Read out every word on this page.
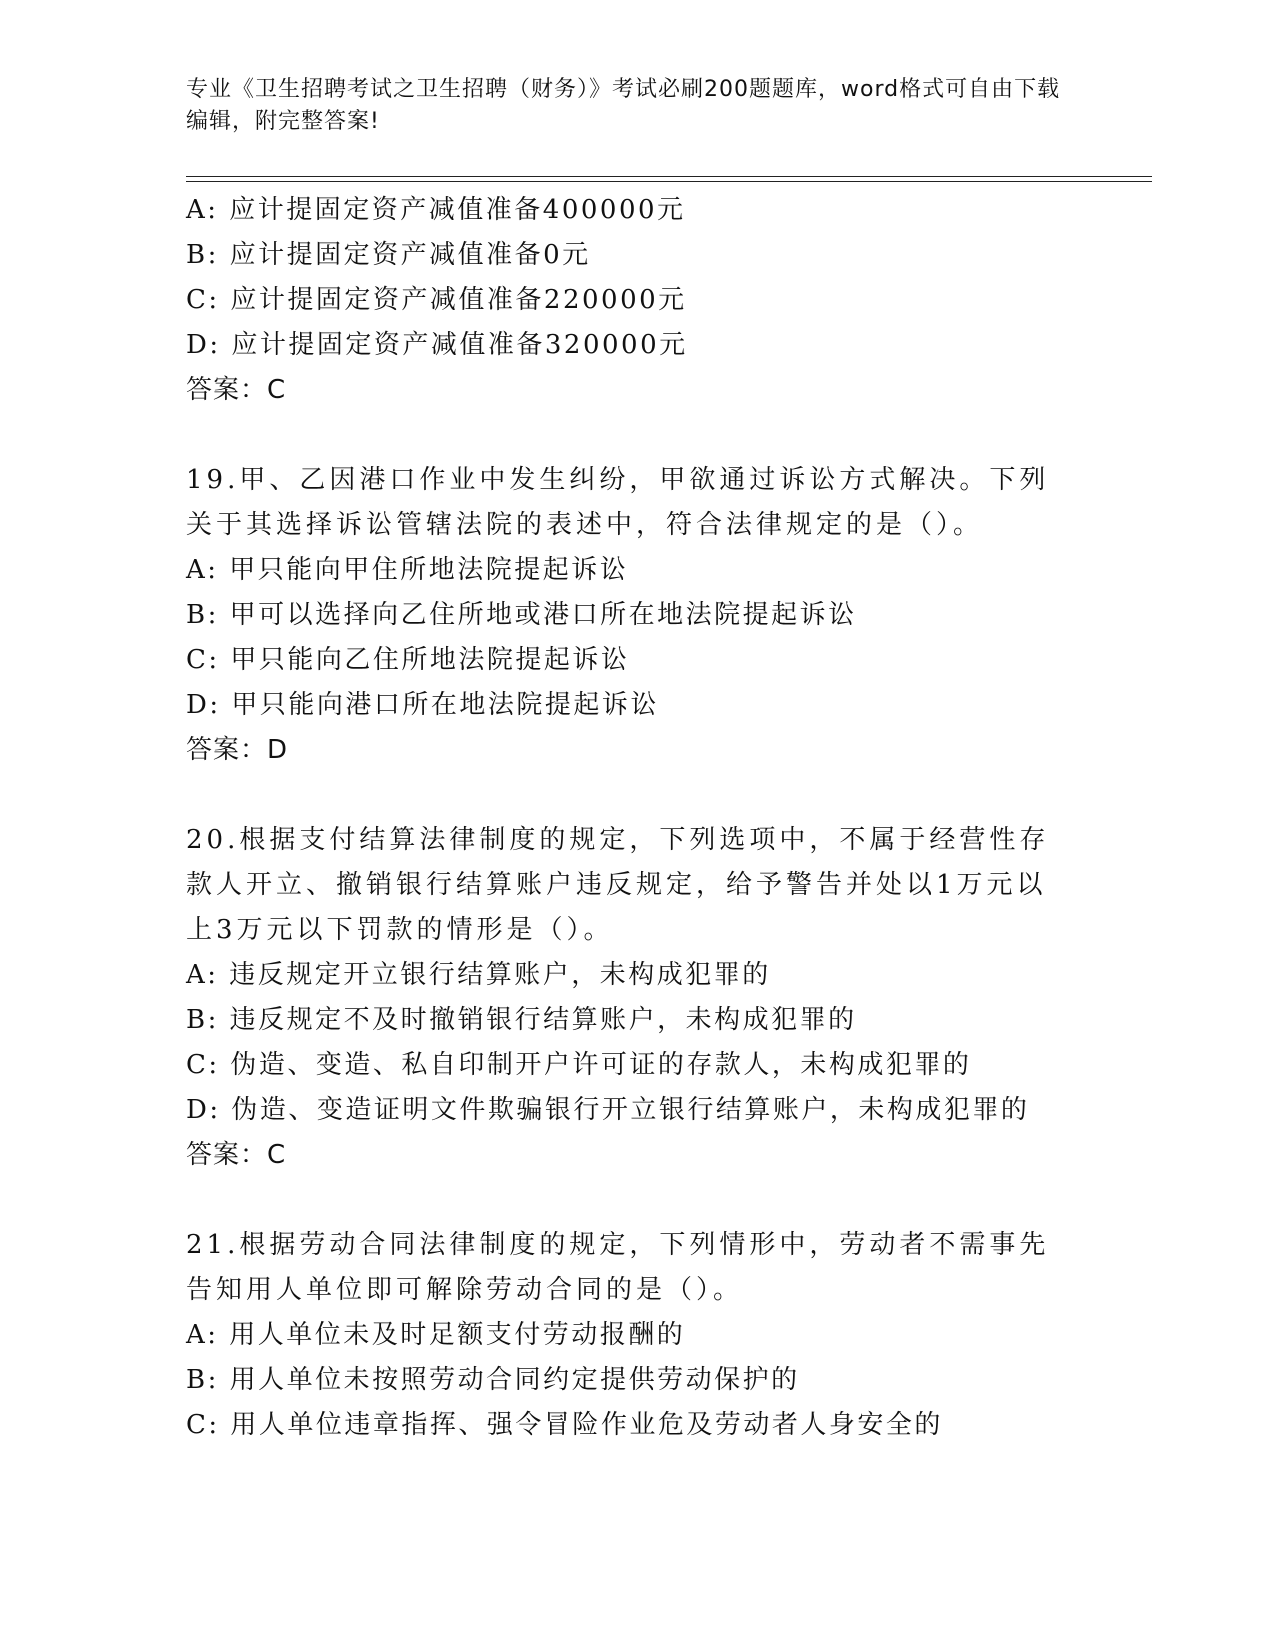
专业《卫生招聘考试之卫生招聘（财务）》考试必刷200题题库，word格式可自由下载编辑，附完整答案!
A: 应计提固定资产减值准备400000元
B: 应计提固定资产减值准备0元
C: 应计提固定资产减值准备220000元
D: 应计提固定资产减值准备320000元
答案：C
19.甲、乙因港口作业中发生纠纷，甲欲通过诉讼方式解决。下列关于其选择诉讼管辖法院的表述中，符合法律规定的是（）。
A: 甲只能向甲住所地法院提起诉讼
B: 甲可以选择向乙住所地或港口所在地法院提起诉讼
C: 甲只能向乙住所地法院提起诉讼
D: 甲只能向港口所在地法院提起诉讼
答案：D
20.根据支付结算法律制度的规定，下列选项中，不属于经营性存款人开立、撤销银行结算账户违反规定，给予警告并处以1万元以上3万元以下罚款的情形是（）。
A: 违反规定开立银行结算账户，未构成犯罪的
B: 违反规定不及时撤销银行结算账户，未构成犯罪的
C: 伪造、变造、私自印制开户许可证的存款人，未构成犯罪的
D: 伪造、变造证明文件欺骗银行开立银行结算账户，未构成犯罪的
答案：C
21.根据劳动合同法律制度的规定，下列情形中，劳动者不需事先告知用人单位即可解除劳动合同的是（）。
A: 用人单位未及时足额支付劳动报酬的
B: 用人单位未按照劳动合同约定提供劳动保护的
C: 用人单位违章指挥、强令冒险作业危及劳动者人身安全的
